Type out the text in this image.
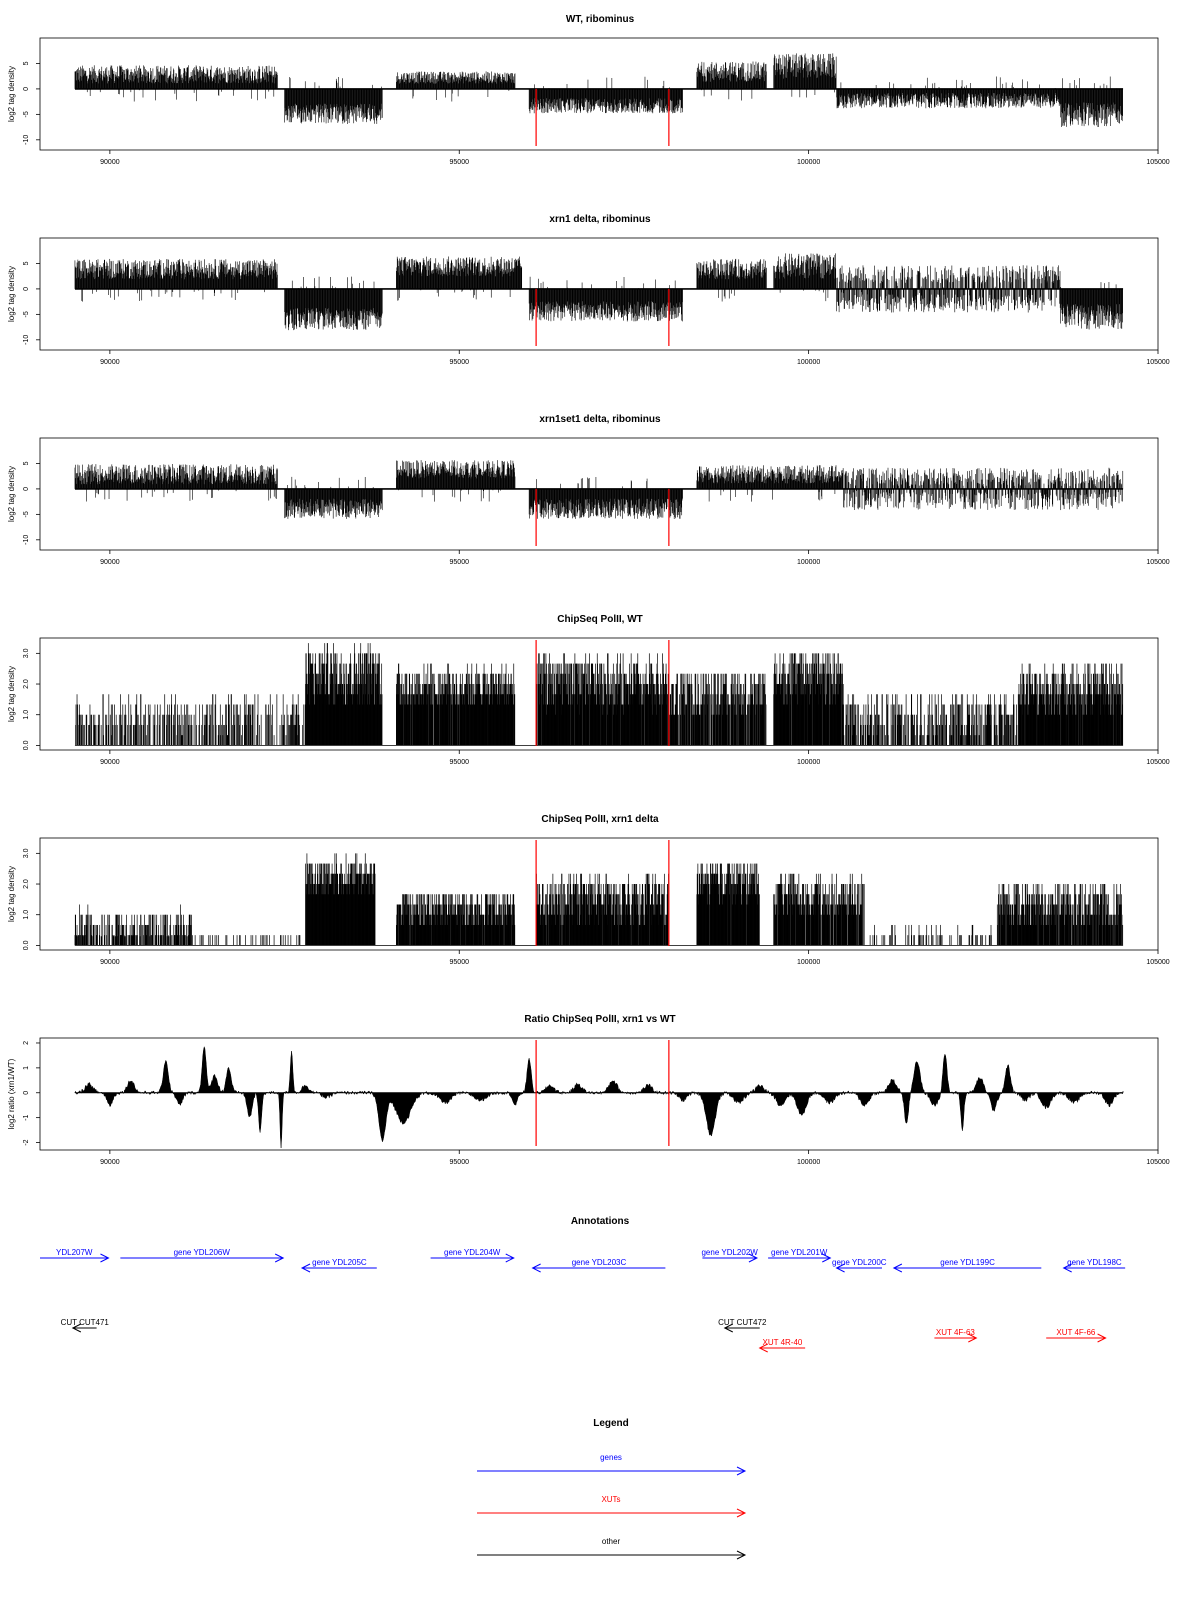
WT, ribominus
90000	95000	100000	105000
-10
-5
0
5
log2 tag density
xrn1 delta, ribominus
90000	95000	100000	105000
-10
-5
0
5
log2 tag density
xrn1set1 delta, ribominus
90000	95000	100000	105000
-10
-5
0
5
log2 tag density
ChipSeq PolII, WT
90000	95000	100000	105000
0.0
1.0
2.0
3.0
log2 tag density
ChipSeq PolII, xrn1 delta
90000	95000	100000	105000
0.0
1.0
2.0
3.0
log2 tag density
Ratio ChipSeq PolII, xrn1 vs WT
90000	95000	100000	105000
-2
-1
0
1
2
log2 ratio (xrn1/WT)
Annotations
YDL207W	gene YDL206W
gene YDL205C
gene YDL204W
gene YDL203C
gene YDL202W gene YDL201W
gene YDL200C	gene YDL199C	gene YDL198C
CUT CUT471	CUT CUT472
XUT 4R-40
XUT 4F-63	XUT 4F-66
Legend
genes
XUTs
other
